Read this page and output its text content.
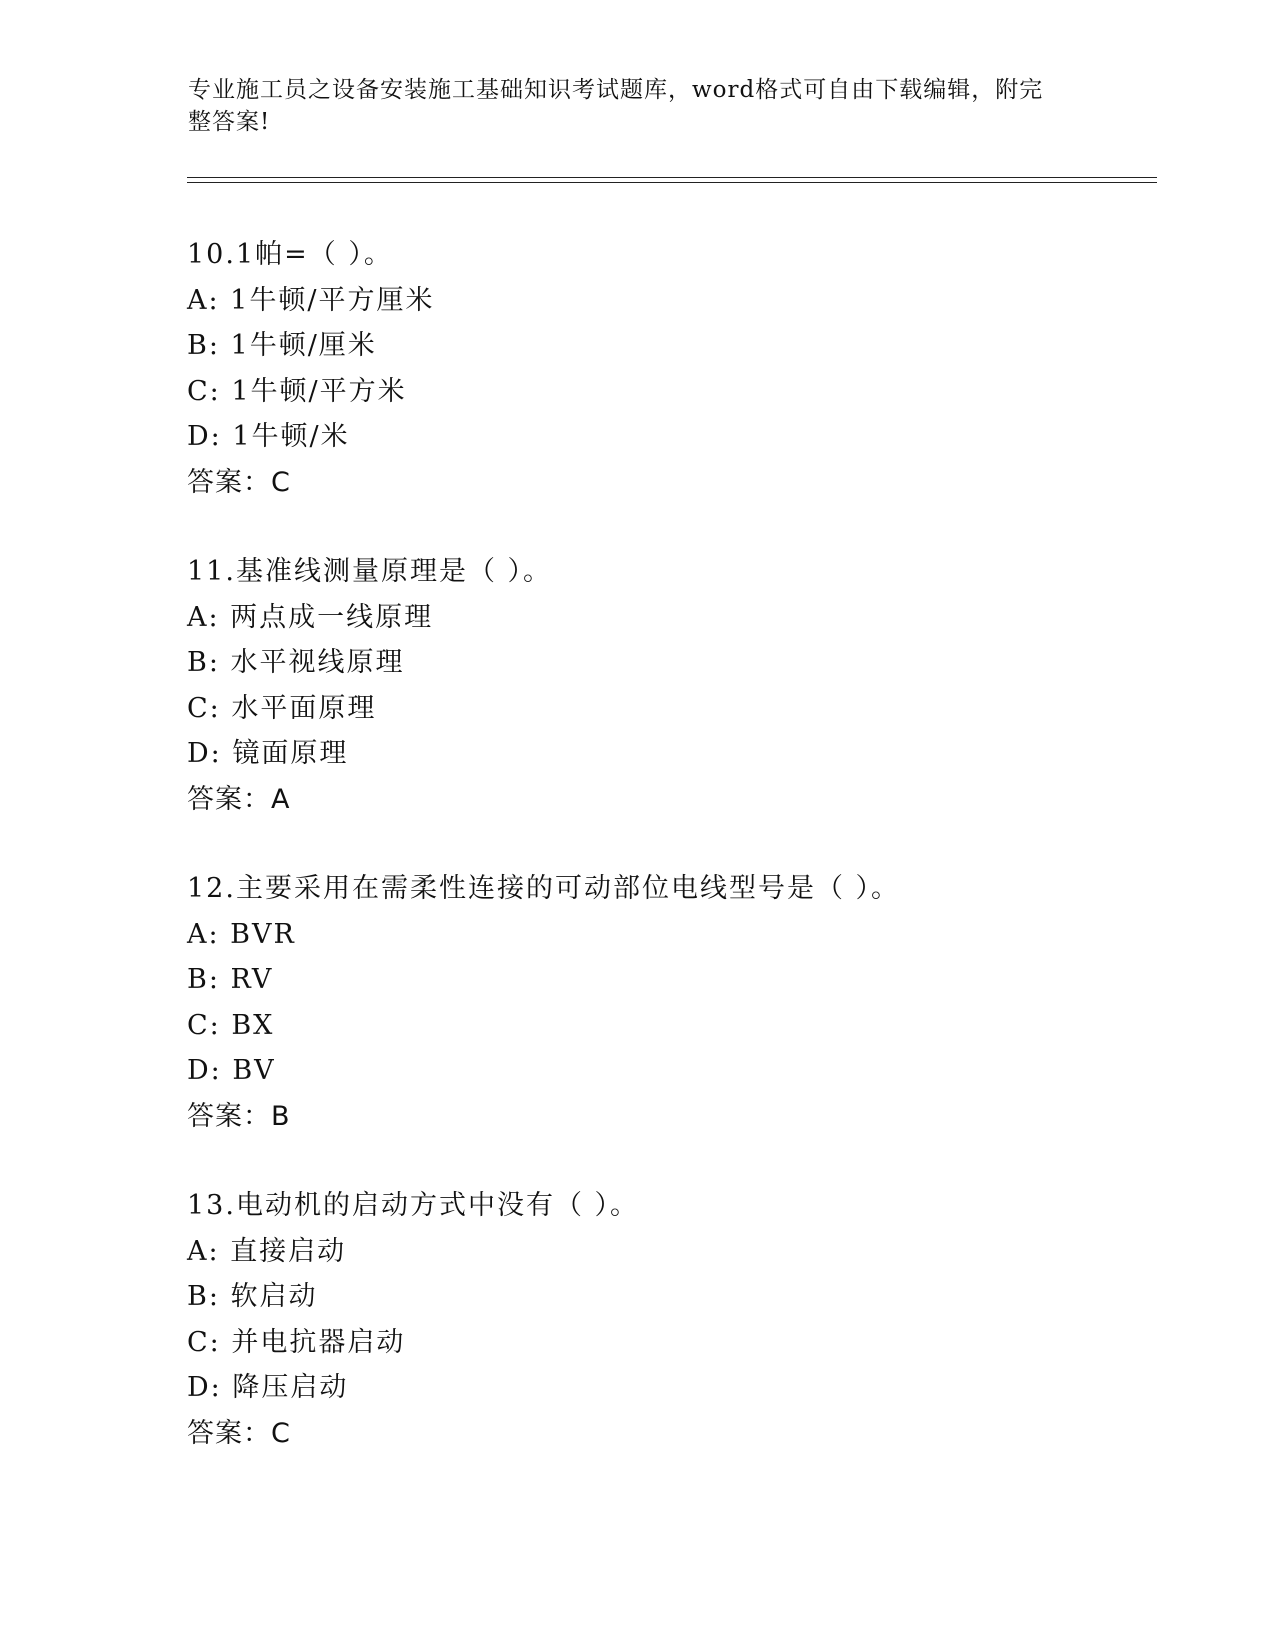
专业施工员之设备安装施工基础知识考试题库，word格式可自由下载编辑，附完
整答案!
10.1帕=（ ）。
A: 1牛顿/平方厘米
B: 1牛顿/厘米
C: 1牛顿/平方米
D: 1牛顿/米
答案：C
11.基准线测量原理是（ ）。
A: 两点成一线原理
B: 水平视线原理
C: 水平面原理
D: 镜面原理
答案：A
12.主要采用在需柔性连接的可动部位电线型号是（ ）。
A: BVR
B: RV
C: BX
D: BV
答案：B
13.电动机的启动方式中没有（ ）。
A: 直接启动
B: 软启动
C: 并电抗器启动
D: 降压启动
答案：C
